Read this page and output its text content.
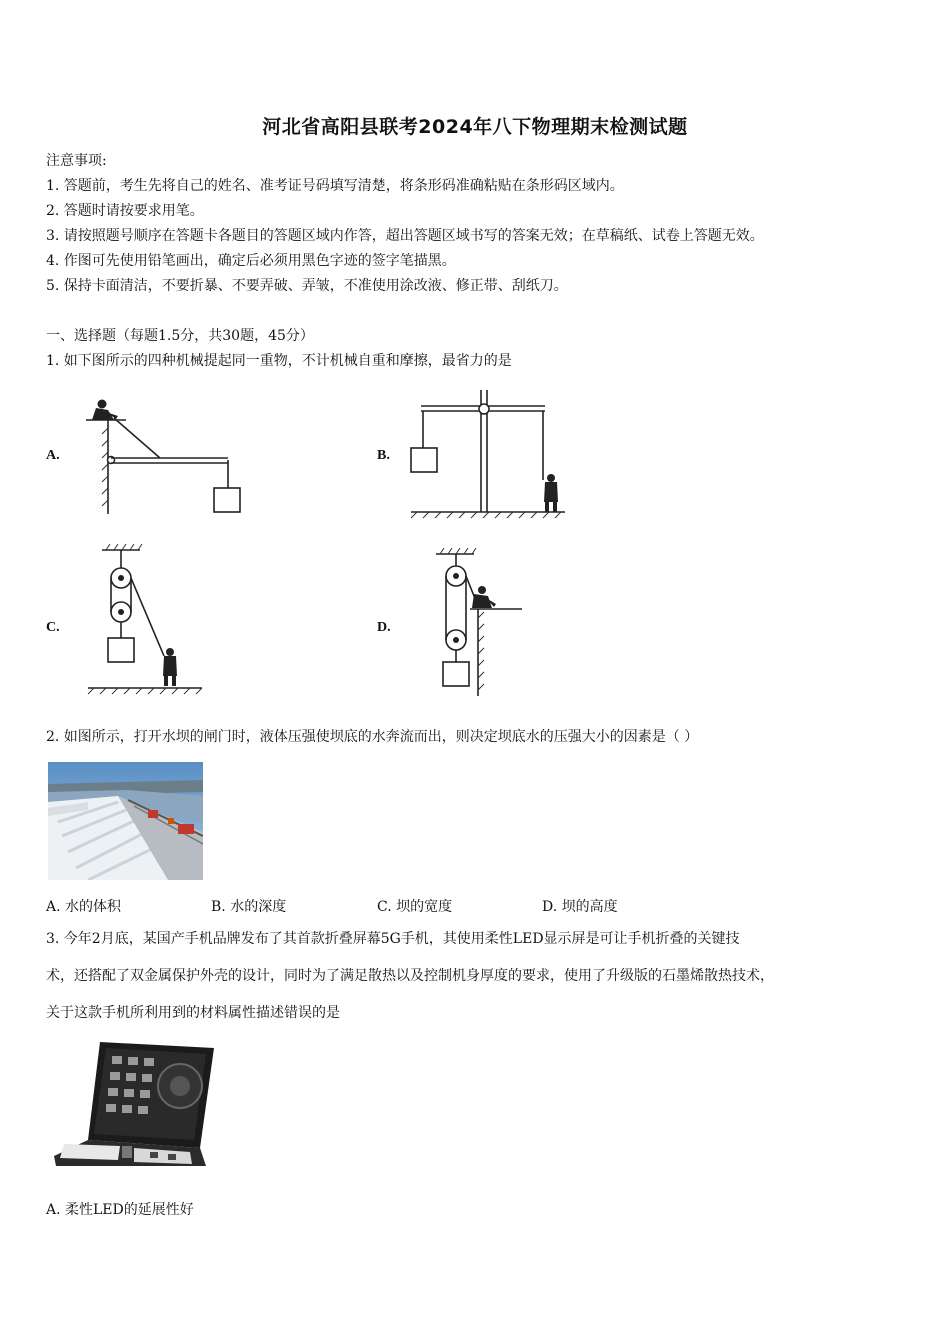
河北省高阳县联考2024年八下物理期末检测试题
注意事项:
1. 答题前，考生先将自己的姓名、准考证号码填写清楚，将条形码准确粘贴在条形码区域内。
2. 答题时请按要求用笔。
3. 请按照题号顺序在答题卡各题目的答题区域内作答，超出答题区域书写的答案无效；在草稿纸、试卷上答题无效。
4. 作图可先使用铅笔画出，确定后必须用黑色字迹的签字笔描黑。
5. 保持卡面清洁，不要折暴、不要弄破、弄皱，不准使用涂改液、修正带、刮纸刀。
一、选择题（每题1.5分，共30题，45分）
1. 如下图所示的四种机械提起同一重物，不计机械自重和摩擦，最省力的是
A.	B.
C.	D.
2. 如图所示，打开水坝的闸门时，液体压强使坝底的水奔流而出，则决定坝底水的压强大小的因素是（ ）
A. 水的体积	B. 水的深度	C. 坝的宽度	D. 坝的高度
3. 今年2月底，某国产手机品牌发布了其首款折叠屏幕5G手机，其使用柔性LED显示屏是可让手机折叠的关键技
术，还搭配了双金属保护外壳的设计，同时为了满足散热以及控制机身厚度的要求，使用了升级版的石墨烯散热技术，
关于这款手机所利用到的材料属性描述错误的是
A. 柔性LED的延展性好
